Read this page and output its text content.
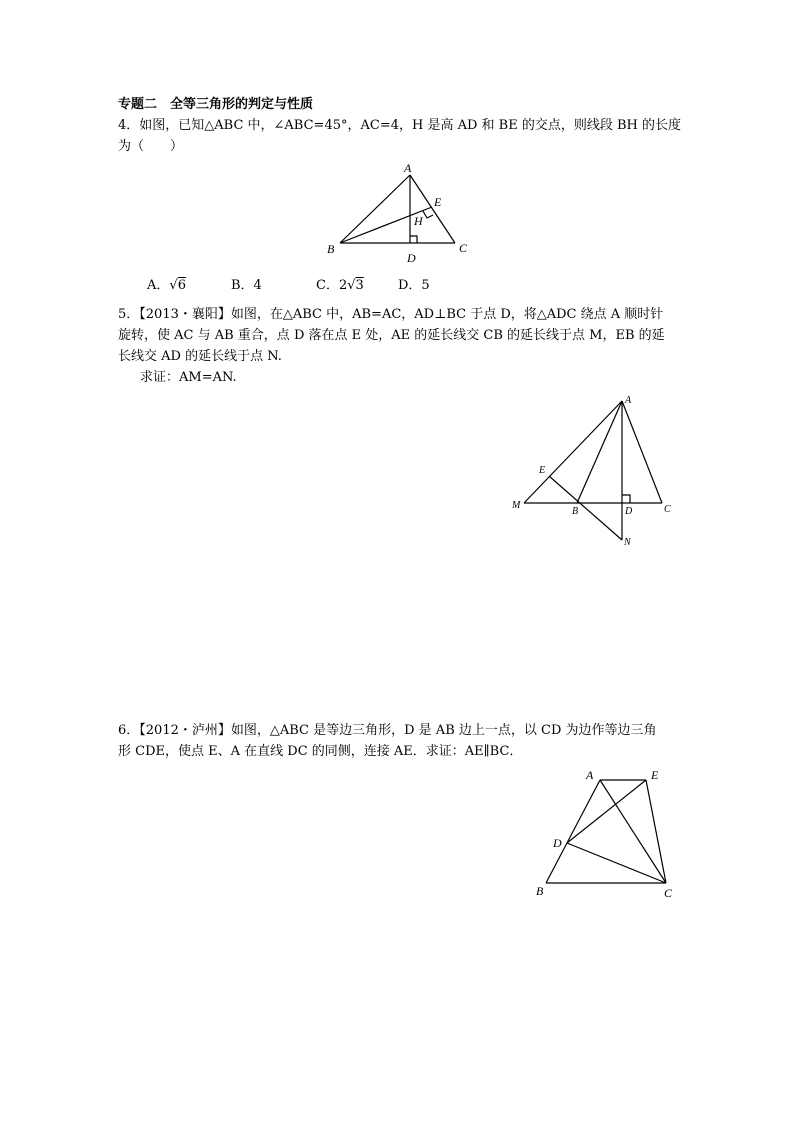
专题二　全等三角形的判定与性质
4．如图，已知△ABC 中，∠ABC=45°，AC=4，H 是高 AD 和 BE 的交点，则线段 BH 的长度
为（　　）
A
E
H
B	C
D
A．√6	B．4	C．2√3	D．5
5．【2013・襄阳】如图，在△ABC 中，AB=AC，AD⊥BC 于点 D，将△ADC 绕点 A 顺时针
旋转，使 AC 与 AB 重合，点 D 落在点 E 处，AE 的延长线交 CB 的延长线于点 M，EB 的延
长线交 AD 的延长线于点 N.
求证：AM=AN.
A
E
M
B	D	C
N
6．【2012・泸州】如图，△ABC 是等边三角形，D 是 AB 边上一点，以 CD 为边作等边三角
形 CDE，使点 E、A 在直线 DC 的同侧，连接 AE．求证：AE∥BC．
A	E
D
B	C
